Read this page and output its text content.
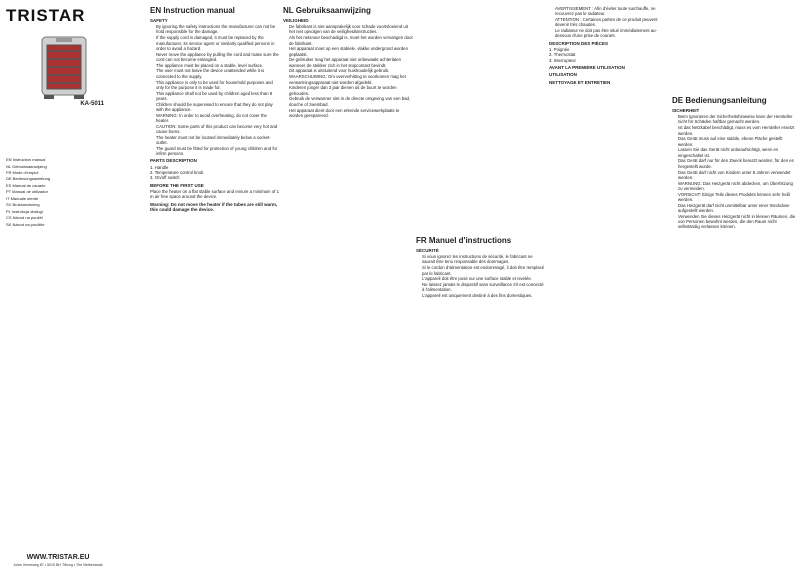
TRISTAR
KA-5011
EN Instruction manual
NL Gebruiksaanwijzing
FR Mode d'emploi
DE Bedienungsanleitung
ES Manual de usuario
PT Manual de utilizador
IT Manuale utente
SV Bruksanvisning
PL Instrukcja obsługi
CS Návod na použití
SK Návod na použitie
WWW.TRISTAR.EU
Jules Verneweg 87 • 5015 BH Tilburg • The Netherlands
EN Instruction manual
SAFETY
• By ignoring the safety instructions the manufacturer can not be hold responsible for the damage.
• If the supply cord is damaged, it must be replaced by the manufacturer, its service agent or similarly qualified persons in order to avoid a hazard.
• Never move the appliance by pulling the cord and make sure the cord can not become entangled.
• The appliance must be placed on a stable, level surface.
• The user must not leave the device unattended while it is connected to the supply.
• This appliance is only to be used for household purposes and only for the purpose it is made for.
• This appliance shall not be used by children aged less than 8 years.
• Children should be supervised to ensure that they do not play with the appliance.
• WARNING: In order to avoid overheating, do not cover the heater.
• CAUTION: Some parts of this product can become very hot and cause burns.
• The heater must not be located immediately below a socket-outlet.
• The guard must be fitted for protection of young children and for infirm persons.
PARTS DESCRIPTION
1. Handle
2. Temperature control knob
3. On/off switch
BEFORE THE FIRST USE
Place the heater on a flat stable surface and ensure a minimum of 1 m air free space around the device.
Warning: Do not move the heater if the tubes are still warm, this could damage the device.
NL Gebruiksaanwijzing
VEILIGHEID
• De fabrikant is niet aansprakelijk voor schade voortvloeiend uit het niet opvolgen van de veiligheidsinstructies.
• Als het netsnoer beschadigd is, moet het worden vervangen door de fabrikant.
• Het apparaat moet op een stabiele, vlakke ondergrond worden geplaatst.
• De gebruiker mag het apparaat niet onbewaakt achterlaten wanneer de stekker zich in het stopcontact bevindt.
• Dit apparaat is uitsluitend voor huishoudelijk gebruik.
• WAARSCHUWING: Om oververhitting te voorkomen mag het verwarmingsapparaat niet worden afgedekt.
• Kinderen jonger dan 3 jaar dienen uit de buurt te worden gehouden.
• Gebruik de verwarmer niet in de directe omgeving van een bad, douche of zwembad.
• Het apparaat dient door een erkende servicewerkplaats te worden gerepareerd.
FR Manuel d'instructions
SÉCURITÉ
• Si vous ignorez les instructions de sécurité, le fabricant ne saurait être tenu responsable des dommages.
• Si le cordon d'alimentation est endommagé, il doit être remplacé par le fabricant.
• L'appareil doit être posé sur une surface stable et nivelée.
• Ne laissez jamais le dispositif sans surveillance s'il est connecté à l'alimentation.
• L'appareil est uniquement destiné à des fins domestiques.
• AVERTISSEMENT : Afin d'éviter toute surchauffe, ne recouvrez pas le radiateur.
• ATTENTION : Certaines parties de ce produit peuvent devenir très chaudes.
• Le radiateur ne doit pas être situé immédiatement au-dessous d'une prise de courant.
DESCRIPTION DES PIÈCES
1. Poignée
2. Thermostat
3. Interrupteur
AVANT LA PREMIÈRE UTILISATION
UTILISATION
NETTOYAGE ET ENTRETIEN
DE Bedienungsanleitung
SICHERHEIT
• Beim Ignorieren der Sicherheitshinweise kann der Hersteller nicht für Schäden haftbar gemacht werden.
• Ist das Netzkabel beschädigt, muss es vom Hersteller ersetzt werden.
• Das Gerät muss auf eine stabile, ebene Fläche gestellt werden.
• Lassen Sie das Gerät nicht unbeaufsichtigt, wenn es eingeschaltet ist.
• Das Gerät darf nur für den Zweck benutzt werden, für den es hergestellt wurde.
• Das Gerät darf nicht von Kindern unter 8 Jahren verwendet werden.
• WARNUNG: Das Heizgerät nicht abdecken, um Überhitzung zu vermeiden.
• VORSICHT: Einige Teile dieses Produkts können sehr heiß werden.
• Das Heizgerät darf nicht unmittelbar unter einer Steckdose aufgestellt werden.
• Verwenden Sie dieses Heizgerät nicht in kleinen Räumen, die von Personen bewohnt werden, die den Raum nicht selbständig verlassen können.
